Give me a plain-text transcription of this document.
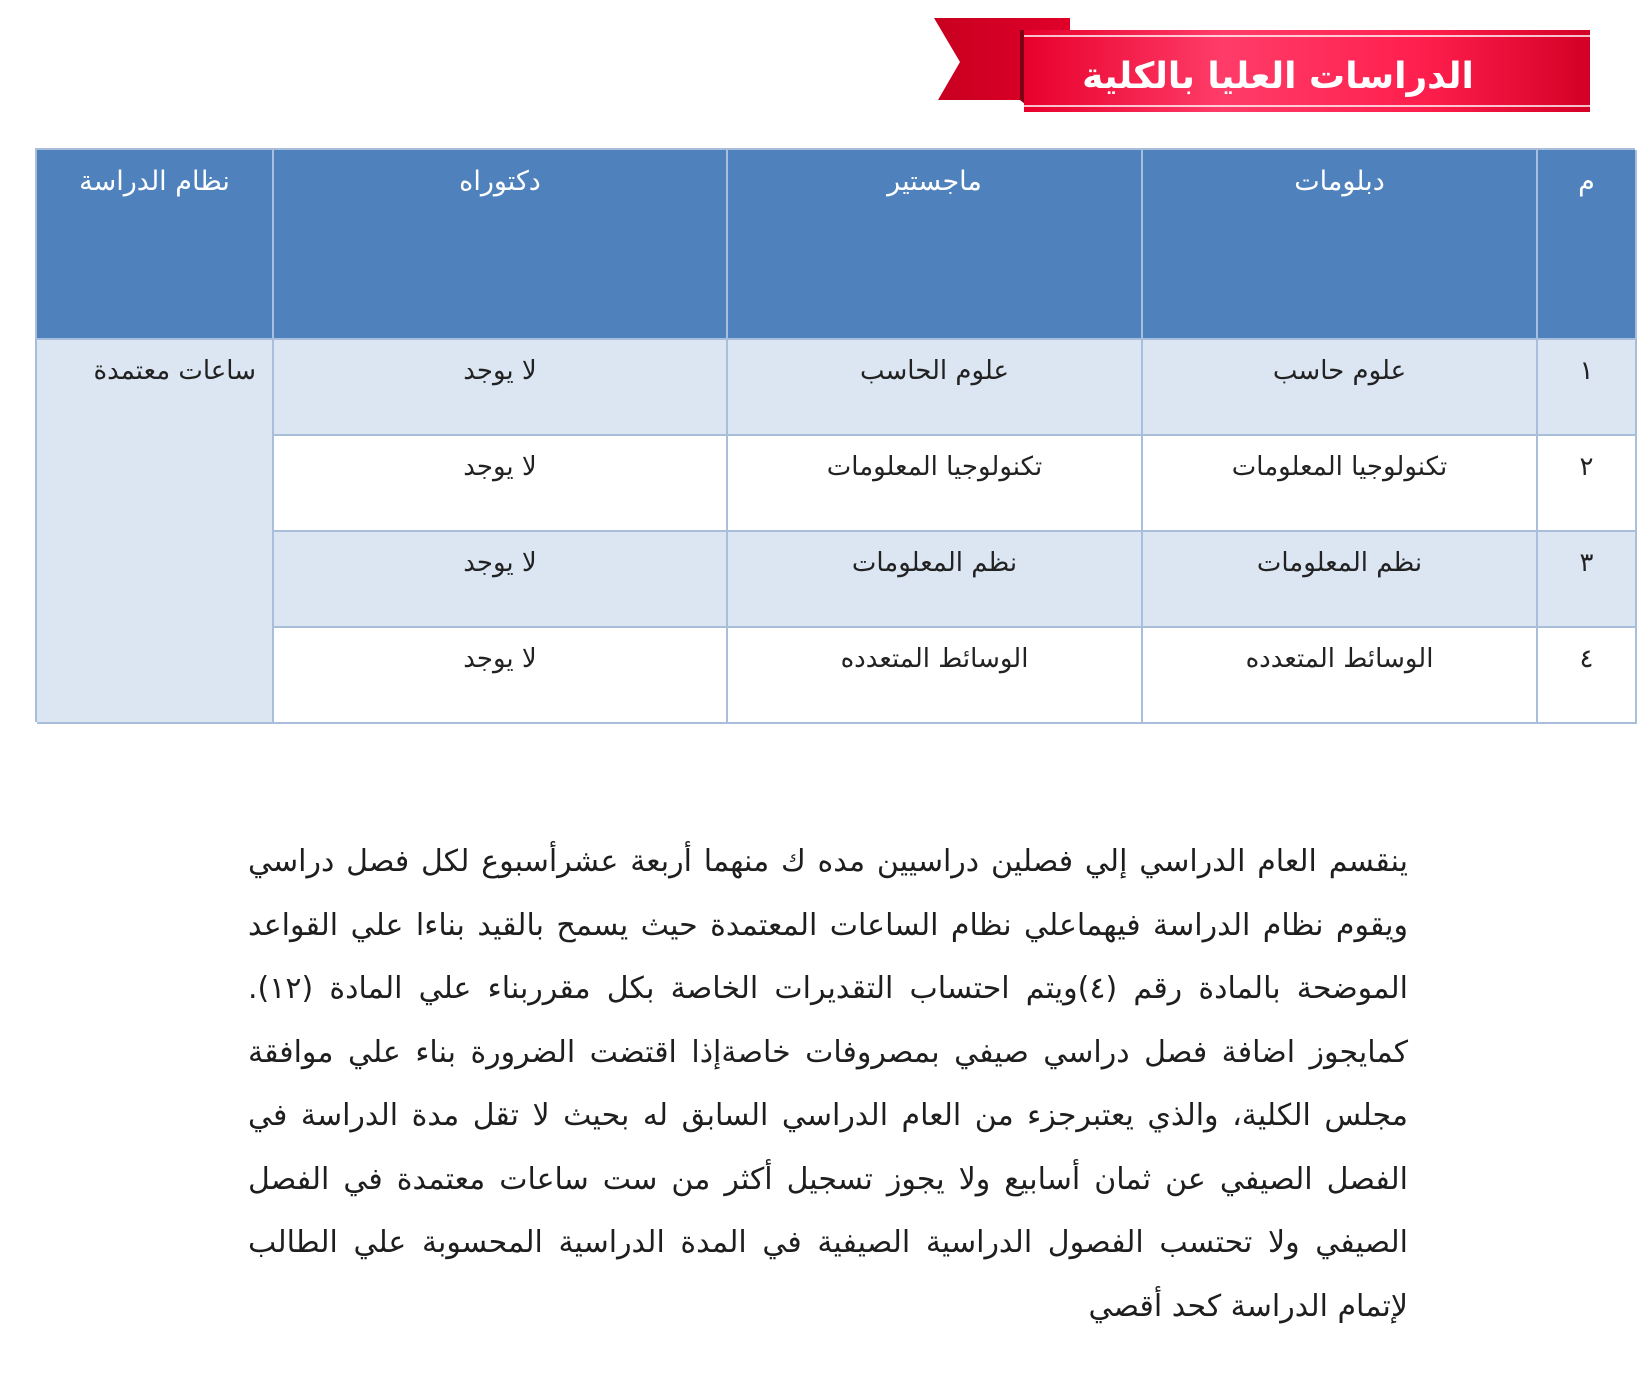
الدراسات العليا بالكلية
نظام الدراسة	دكتوراه	ماجستير	دبلومات	م
ساعات معتمدة	لا يوجد	علوم الحاسب	علوم حاسب	١
لا يوجد	تكنولوجيا المعلومات	تكنولوجيا المعلومات	٢
لا يوجد	نظم المعلومات	نظم المعلومات	٣
لا يوجد	الوسائط المتعدده	الوسائط المتعدده	٤

ينقسم العام الدراسي إلي فصلين دراسيين مده ك منهما أربعة عشرأسبوع لكل فصل دراسي ويقوم نظام الدراسة فيهماعلي نظام الساعات المعتمدة حيث يسمح بالقيد بناءا علي القواعد الموضحة بالمادة رقم (٤)ويتم احتساب التقديرات الخاصة بكل مقرربناء علي المادة (١٢). كمايجوز اضافة فصل دراسي صيفي بمصروفات خاصةإذا اقتضت الضرورة بناء علي موافقة مجلس الكلية، والذي يعتبرجزء من العام الدراسي السابق له بحيث لا تقل مدة الدراسة في الفصل الصيفي عن ثمان أسابيع ولا يجوز تسجيل أكثر من ست ساعات معتمدة في الفصل الصيفي ولا تحتسب الفصول الدراسية الصيفية في المدة الدراسية المحسوبة علي الطالب لإتمام الدراسة كحد أقصي
